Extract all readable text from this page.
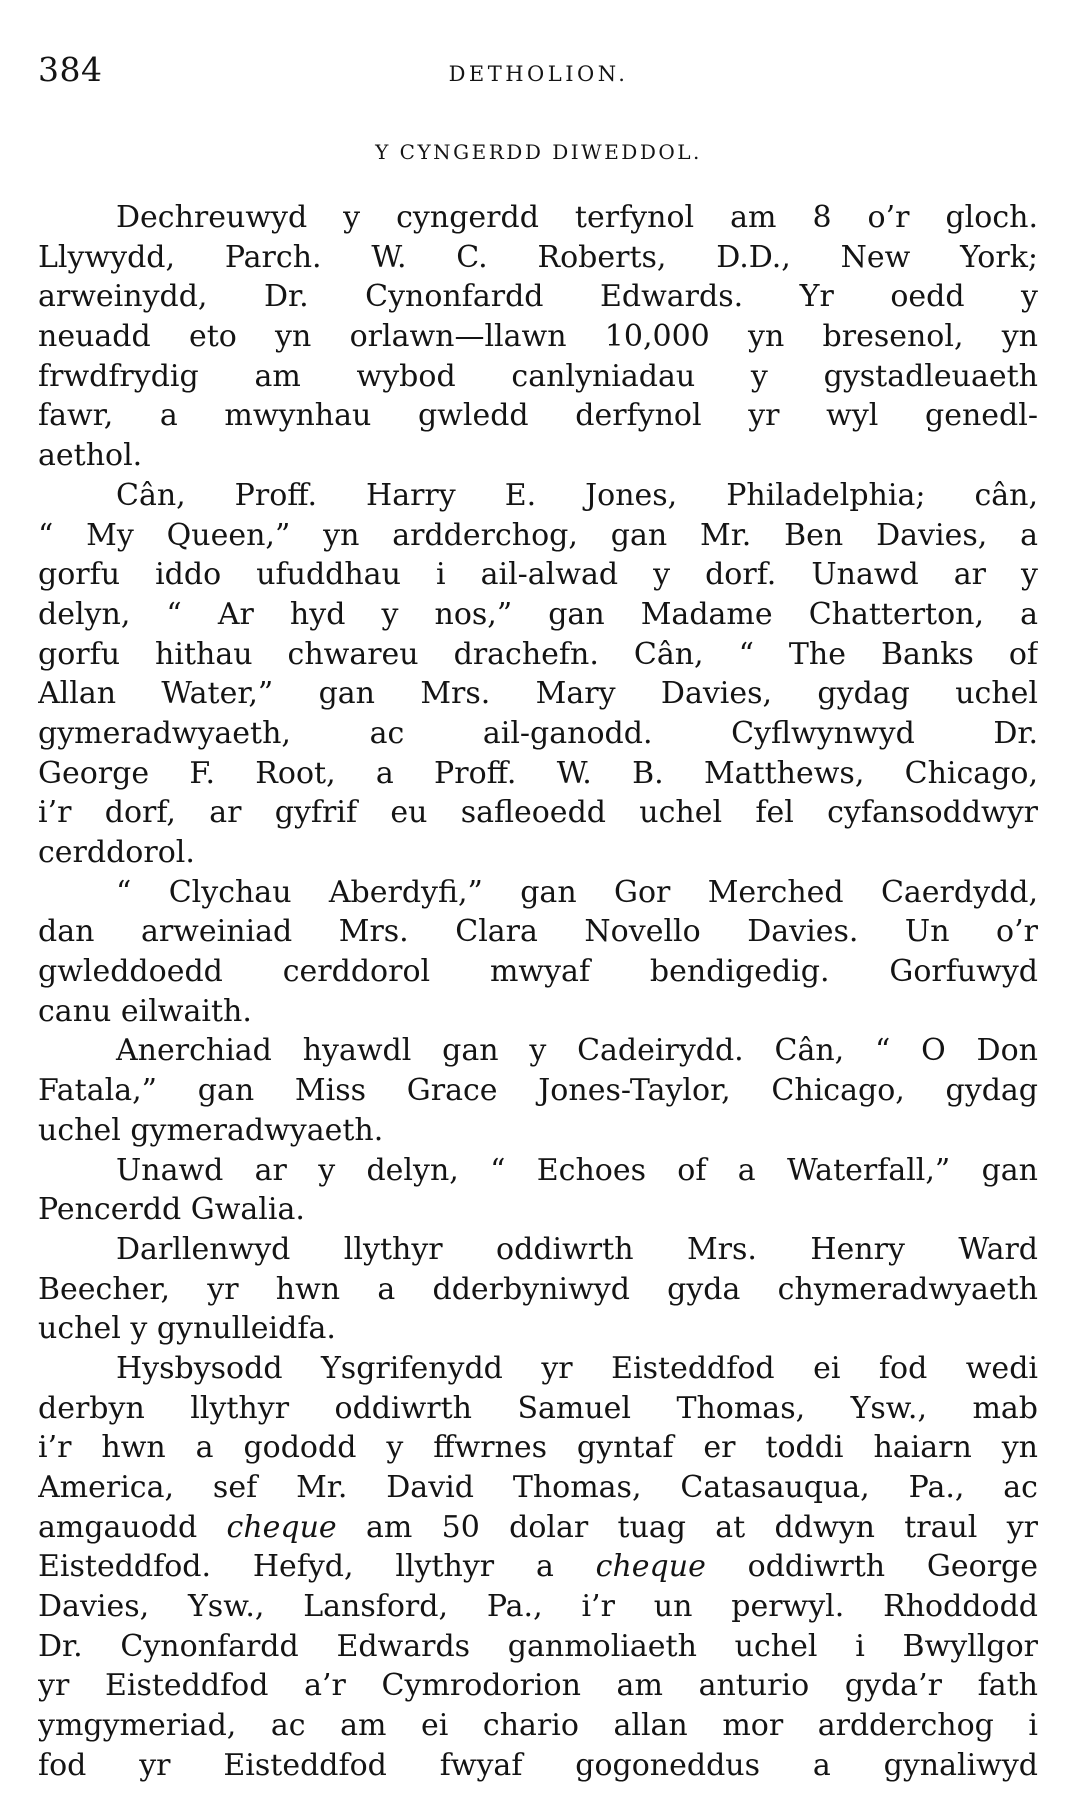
384	DETHOLION.
Y CYNGERDD DIWEDDOL.
Dechreuwyd y cyngerdd terfynol am 8 o’r gloch.
Llywydd, Parch. W. C. Roberts, D.D., New York;
arweinydd, Dr. Cynonfardd Edwards. Yr oedd y
neuadd eto yn orlawn—llawn 10,000 yn bresenol, yn
frwdfrydig am wybod canlyniadau y gystadleuaeth
fawr, a mwynhau gwledd derfynol yr wyl genedl-
aethol.
Cân, Proff. Harry E. Jones, Philadelphia; cân,
“ My Queen,” yn ardderchog, gan Mr. Ben Davies, a
gorfu iddo ufuddhau i ail-alwad y dorf. Unawd ar y
delyn, “ Ar hyd y nos,” gan Madame Chatterton, a
gorfu hithau chwareu drachefn. Cân, “ The Banks of
Allan Water,” gan Mrs. Mary Davies, gydag uchel
gymeradwyaeth, ac ail-ganodd. Cyflwynwyd Dr.
George F. Root, a Proff. W. B. Matthews, Chicago,
i’r dorf, ar gyfrif eu safleoedd uchel fel cyfansoddwyr
cerddorol.
“ Clychau Aberdyfi,” gan Gor Merched Caerdydd,
dan arweiniad Mrs. Clara Novello Davies. Un o’r
gwleddoedd cerddorol mwyaf bendigedig. Gorfuwyd
canu eilwaith.
Anerchiad hyawdl gan y Cadeirydd. Cân, “ O Don
Fatala,” gan Miss Grace Jones-Taylor, Chicago, gydag
uchel gymeradwyaeth.
Unawd ar y delyn, “ Echoes of a Waterfall,” gan
Pencerdd Gwalia.
Darllenwyd llythyr oddiwrth Mrs. Henry Ward
Beecher, yr hwn a dderbyniwyd gyda chymeradwyaeth
uchel y gynulleidfa.
Hysbysodd Ysgrifenydd yr Eisteddfod ei fod wedi
derbyn llythyr oddiwrth Samuel Thomas, Ysw., mab
i’r hwn a gododd y ffwrnes gyntaf er toddi haiarn yn
America, sef Mr. David Thomas, Catasauqua, Pa., ac
amgauodd cheque am 50 dolar tuag at ddwyn traul yr
Eisteddfod. Hefyd, llythyr a cheque oddiwrth George
Davies, Ysw., Lansford, Pa., i’r un perwyl. Rhoddodd
Dr. Cynonfardd Edwards ganmoliaeth uchel i Bwyllgor
yr Eisteddfod a’r Cymrodorion am anturio gyda’r fath
ymgymeriad, ac am ei chario allan mor ardderchog i
fod yr Eisteddfod fwyaf gogoneddus a gynaliwyd
